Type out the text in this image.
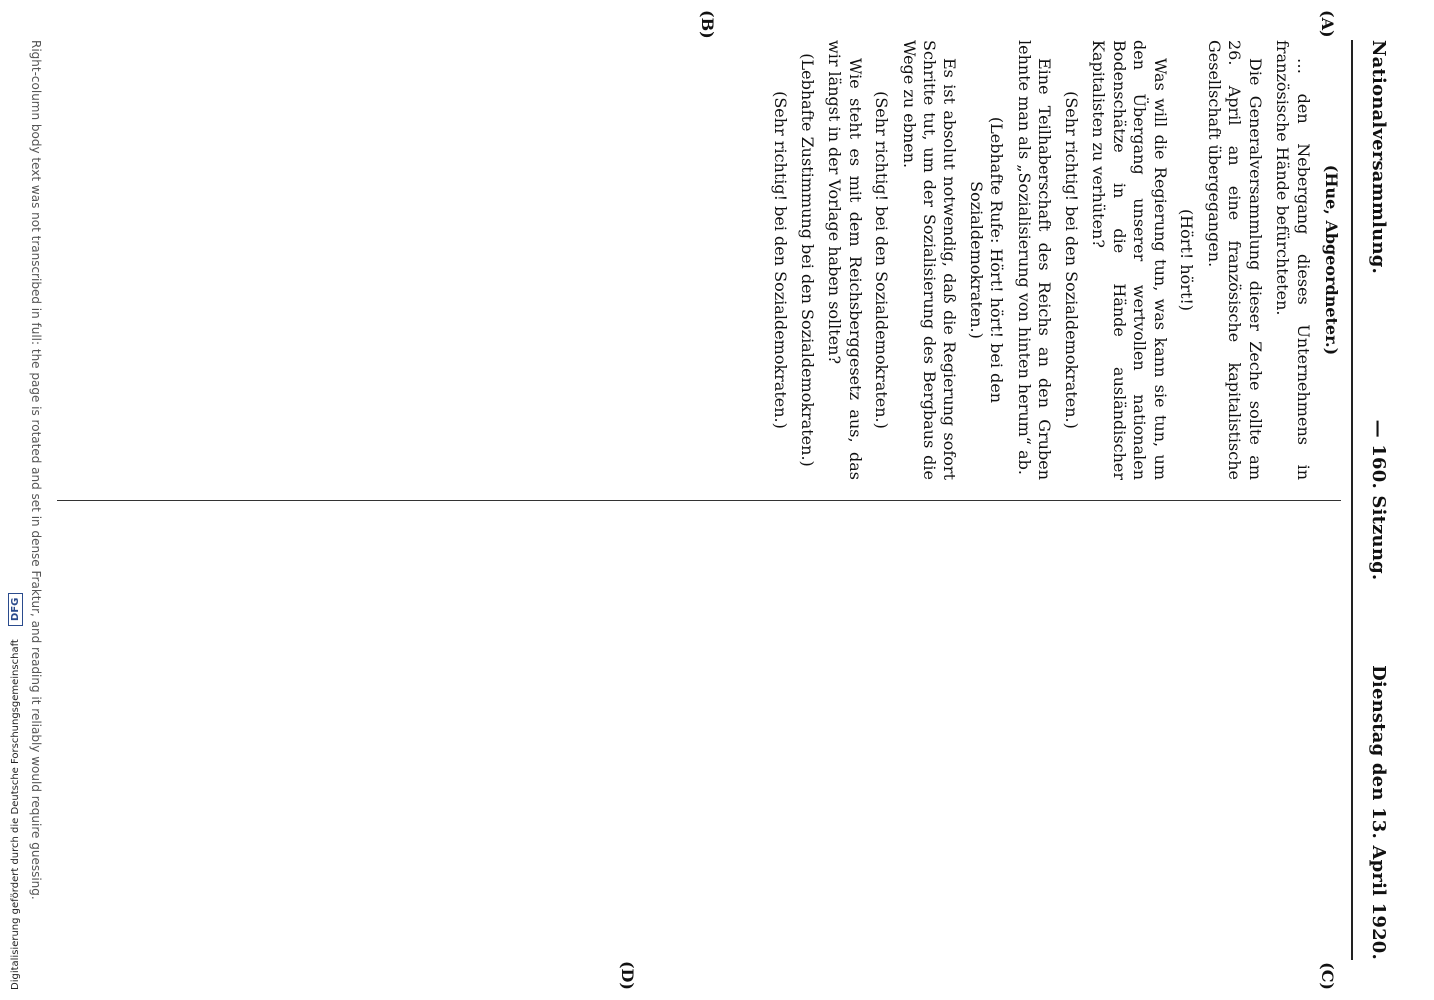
Nationalversammlung.
— 160. Sitzung.
Dienstag den 13. April 1920.
(A)
(B)
(C)
(D)
(Hue, Abgeordneter.)

… den Nebergang dieses Unternehmens in französische Hände befürchteten.

Die Generalversammlung dieser Zeche sollte am 26. April an eine französische kapitalistische Gesellschaft übergegangen.

(Hört! hört!)

Was will die Regierung tun, was kann sie tun, um den Übergang unserer wertvollen nationalen Bodenschätze in die Hände ausländischer Kapitalisten zu verhüten?

(Sehr richtig! bei den Sozialdemokraten.)

Eine Teilhaberschaft des Reichs an den Gruben lehnte man als „Sozialisierung von hinten herum“ ab.

(Lebhafte Rufe: Hört! hört! bei den Sozialdemokraten.)

Es ist absolut notwendig, daß die Regierung sofort Schritte tut, um der Sozialisierung des Bergbaus die Wege zu ebnen.

(Sehr richtig! bei den Sozialdemokraten.)

Wie steht es mit dem Reichsberggesetz aus, das wir längst in der Vorlage haben sollten?

(Lebhafte Zustimmung bei den Sozialdemokraten.)
(Sehr richtig! bei den Sozialdemokraten.)
Right-column body text was not transcribed in full: the page is rotated and set in dense Fraktur, and reading it reliably would require guessing.
Digitalisierung gefördert durch die Deutsche Forschungsgemeinschaft DFG
